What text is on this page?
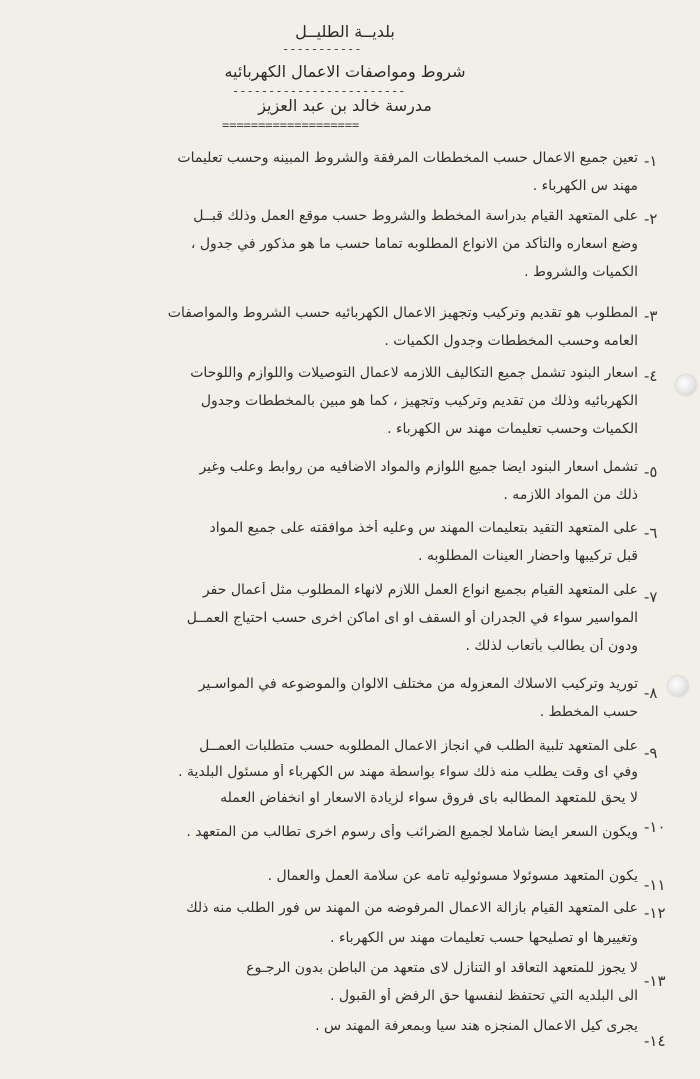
بلديــة الطليــل
-----------
شروط ومواصفات الاعمال الكهربائيه
------------------------
مدرسة خالد بن عبد العزيز
===================
-١
تعين جميع الاعمال حسب المخططات المرفقة والشروط المبينه وحسب تعليمات
مهند س الكهرباء .
-٢
على المتعهد القيام بدراسة المخطط والشروط حسب موقع العمل وذلك قبــل
وضع اسعاره والتأكد من الانواع المطلوبه تماما حسب ما هو مذكور في جدول ،
الكميات والشروط .
-٣
المطلوب هو تقديم وتركيب وتجهيز الاعمال الكهربائيه حسب الشروط والمواصفات
العامه وحسب المخططات وجدول الكميات .
-٤
اسعار البنود تشمل جميع التكاليف اللازمه لاعمال التوصيلات واللوازم واللوحات
الكهربائيه وذلك من تقديم وتركيب وتجهيز ، كما هو مبين بالمخططات وجدول
الكميات وحسب تعليمات مهند س الكهرباء .
-٥
تشمل اسعار البنود ايضا جميع اللوازم والمواد الاضافيه من روابط وعلب وغير
ذلك من المواد اللازمه .
-٦
على المتعهد التقيد بتعليمات المهند س وعليه أخذ موافقته على جميع المواد
قبل تركيبها واحضار العينات المطلوبه .
-٧
على المتعهد القيام بجميع انواع العمل اللازم لانهاء المطلوب مثل أعمال حفر
المواسير سواء في الجدران أو السقف او اى اماكن اخرى حسب احتياج العمــل
ودون أن يطالب بأتعاب لذلك .
-٨
توريد وتركيب الاسلاك المعزوله من مختلف الالوان والموضوعه في المواسـير
حسب المخطط .
-٩
على المتعهد تلبية الطلب في انجاز الاعمال المطلوبه حسب متطلبات العمــل
وفي اى وقت يطلب منه ذلك سواء بواسطة مهند س الكهرباء أو مسئول البلدية .
لا يحق للمتعهد المطالبه باى فروق سواء لزيادة الاسعار او انخفاض العمله
-١٠
ويكون السعر ايضا شاملا لجميع الضرائب وأى رسوم اخرى تطالب من المتعهد .
يكون المتعهد مسوئولا مسوئوليه تامه عن سلامة العمل والعمال . -١١
-١٢
على المتعهد القيام بازالة الاعمال المرفوضه من المهند س فور الطلب منه ذلك
وتغييرها او تصليحها حسب تعليمات مهند س الكهرباء .
-١٣
لا يجوز للمتعهد التعاقد او التنازل لاى متعهد من الباطن بدون الرجـوع
الى البلديه التي تحتفظ لنفسها حق الرفض أو القبول .
-١٤
يجرى كيل الاعمال المنجزه هند سيا وبمعرفة المهند س .
